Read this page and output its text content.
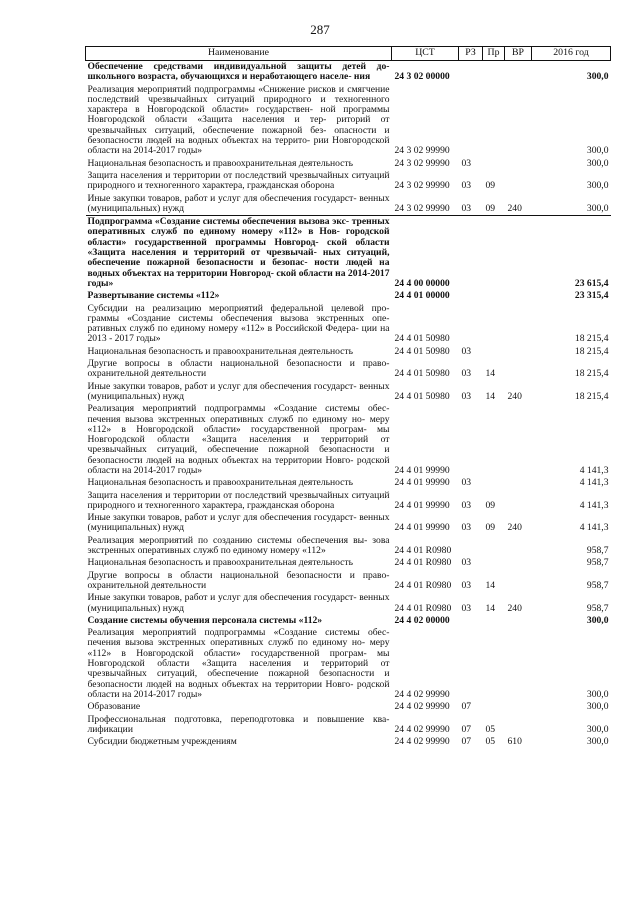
287
Наименование	ЦСТ	РЗ	Пр	ВР	2016 год
Обеспечение средствами индивидуальной защиты детей до- школьного возраста, обучающихся и неработающего населе- ния	24 3 02 00000				300,0
Реализация мероприятий подпрограммы «Снижение рисков и смягчение последствий чрезвычайных ситуаций природного и техногенного характера в Новгородской области» государствен- ной программы Новгородской области «Защита населения и тер- риторий от чрезвычайных ситуаций, обеспечение пожарной без- опасности и безопасности людей на водных объектах на террито- рии Новгородской области на 2014-2017 годы»	24 3 02 99990				300,0
Национальная безопасность и правоохранительная деятельность	24 3 02 99990	03			300,0
Защита населения и территории от последствий чрезвычайных ситуаций природного и техногенного характера, гражданская оборона	24 3 02 99990	03	09		300,0
Иные закупки товаров, работ и услуг для обеспечения государст- венных (муниципальных) нужд	24 3 02 99990	03	09	240	300,0
Подпрограмма «Создание системы обеспечения вызова экс- тренных оперативных служб по единому номеру «112» в Нов- городской области» государственной программы Новгород- ской области «Защита населения и территорий от чрезвычай- ных ситуаций, обеспечение пожарной безопасности и безопас- ности людей на водных объектах на территории Новгород- ской области на 2014-2017 годы»	24 4 00 00000				23 615,4
Развертывание системы «112»	24 4 01 00000				23 315,4
Субсидии на реализацию мероприятий федеральной целевой про- граммы «Создание системы обеспечения вызова экстренных опе- ративных служб по единому номеру «112» в Российской Федера- ции на 2013 - 2017 годы»	24 4 01 50980				18 215,4
Национальная безопасность и правоохранительная деятельность	24 4 01 50980	03			18 215,4
Другие вопросы в области национальной безопасности и право- охранительной деятельности	24 4 01 50980	03	14		18 215,4
Иные закупки товаров, работ и услуг для обеспечения государст- венных (муниципальных) нужд	24 4 01 50980	03	14	240	18 215,4
Реализация мероприятий подпрограммы «Создание системы обес- печения вызова экстренных оперативных служб по единому но- меру «112» в Новгородской области» государственной програм- мы Новгородской области «Защита населения и территорий от чрезвычайных ситуаций, обеспечение пожарной безопасности и безопасности людей на водных объектах на территории Новго- родской области на 2014-2017 годы»	24 4 01 99990				4 141,3
Национальная безопасность и правоохранительная деятельность	24 4 01 99990	03			4 141,3
Защита населения и территории от последствий чрезвычайных ситуаций природного и техногенного характера, гражданская оборона	24 4 01 99990	03	09		4 141,3
Иные закупки товаров, работ и услуг для обеспечения государст- венных (муниципальных) нужд	24 4 01 99990	03	09	240	4 141,3
Реализация мероприятий по созданию системы обеспечения вы- зова экстренных оперативных служб по единому номеру «112»	24 4 01 R0980				958,7
Национальная безопасность и правоохранительная деятельность	24 4 01 R0980	03			958,7
Другие вопросы в области национальной безопасности и право- охранительной деятельности	24 4 01 R0980	03	14		958,7
Иные закупки товаров, работ и услуг для обеспечения государст- венных (муниципальных) нужд	24 4 01 R0980	03	14	240	958,7
Создание системы обучения персонала системы «112»	24 4 02 00000				300,0
Реализация мероприятий подпрограммы «Создание системы обес- печения вызова экстренных оперативных служб по единому но- меру «112» в Новгородской области» государственной програм- мы Новгородской области «Защита населения и территорий от чрезвычайных ситуаций, обеспечение пожарной безопасности и безопасности людей на водных объектах на территории Новго- родской области на 2014-2017 годы»	24 4 02 99990				300,0
Образование	24 4 02 99990	07			300,0
Профессиональная подготовка, переподготовка и повышение ква- лификации	24 4 02 99990	07	05		300,0
Субсидии бюджетным учреждениям	24 4 02 99990	07	05	610	300,0
